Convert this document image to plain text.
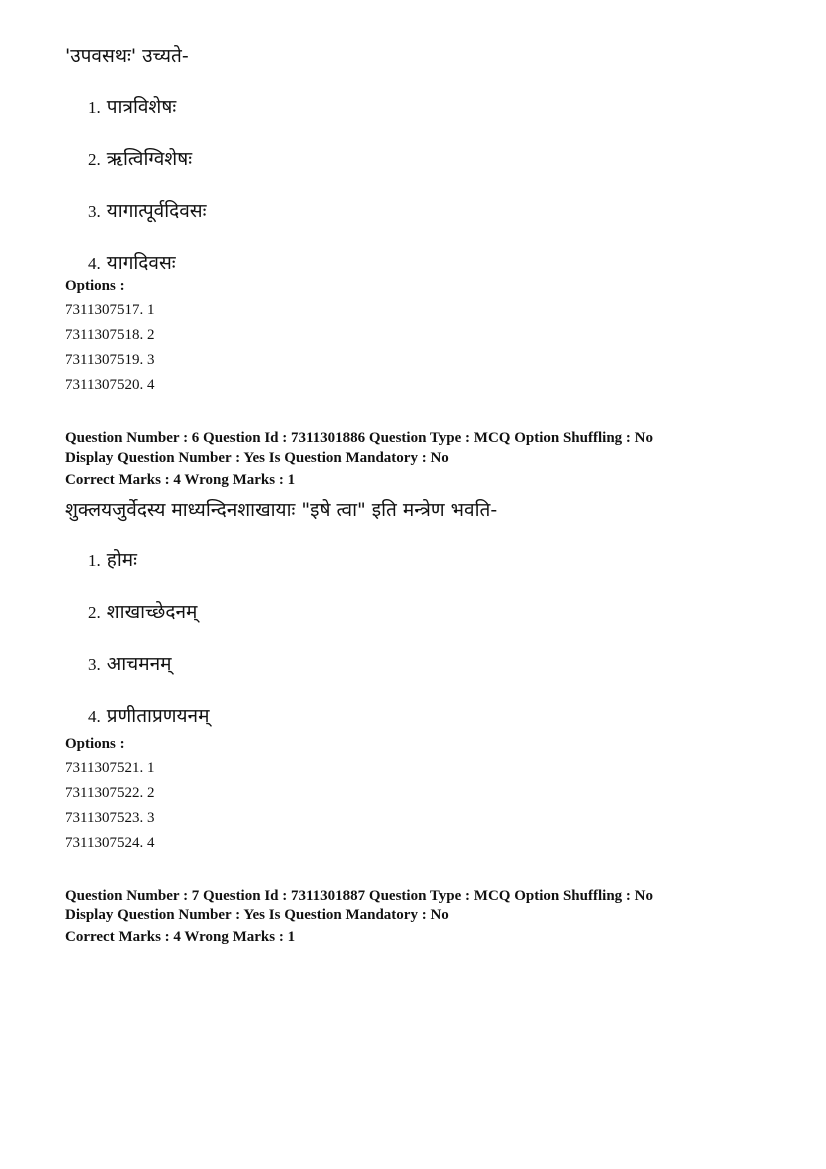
'उपवसथः' उच्यते-
1. पात्रविशेषः
2. ऋत्विग्विशेषः
3. यागात्पूर्वदिवसः
4. यागदिवसः
Options :
7311307517. 1
7311307518. 2
7311307519. 3
7311307520. 4
Question Number : 6 Question Id : 7311301886 Question Type : MCQ Option Shuffling : No
Display Question Number : Yes Is Question Mandatory : No
Correct Marks : 4 Wrong Marks : 1
शुक्लयजुर्वेदस्य माध्यन्दिनशाखायाः "इषे त्वा" इति मन्त्रेण भवति-
1. होमः
2. शाखाच्छेदनम्
3. आचमनम्
4. प्रणीताप्रणयनम्
Options :
7311307521. 1
7311307522. 2
7311307523. 3
7311307524. 4
Question Number : 7 Question Id : 7311301887 Question Type : MCQ Option Shuffling : No
Display Question Number : Yes Is Question Mandatory : No
Correct Marks : 4 Wrong Marks : 1
